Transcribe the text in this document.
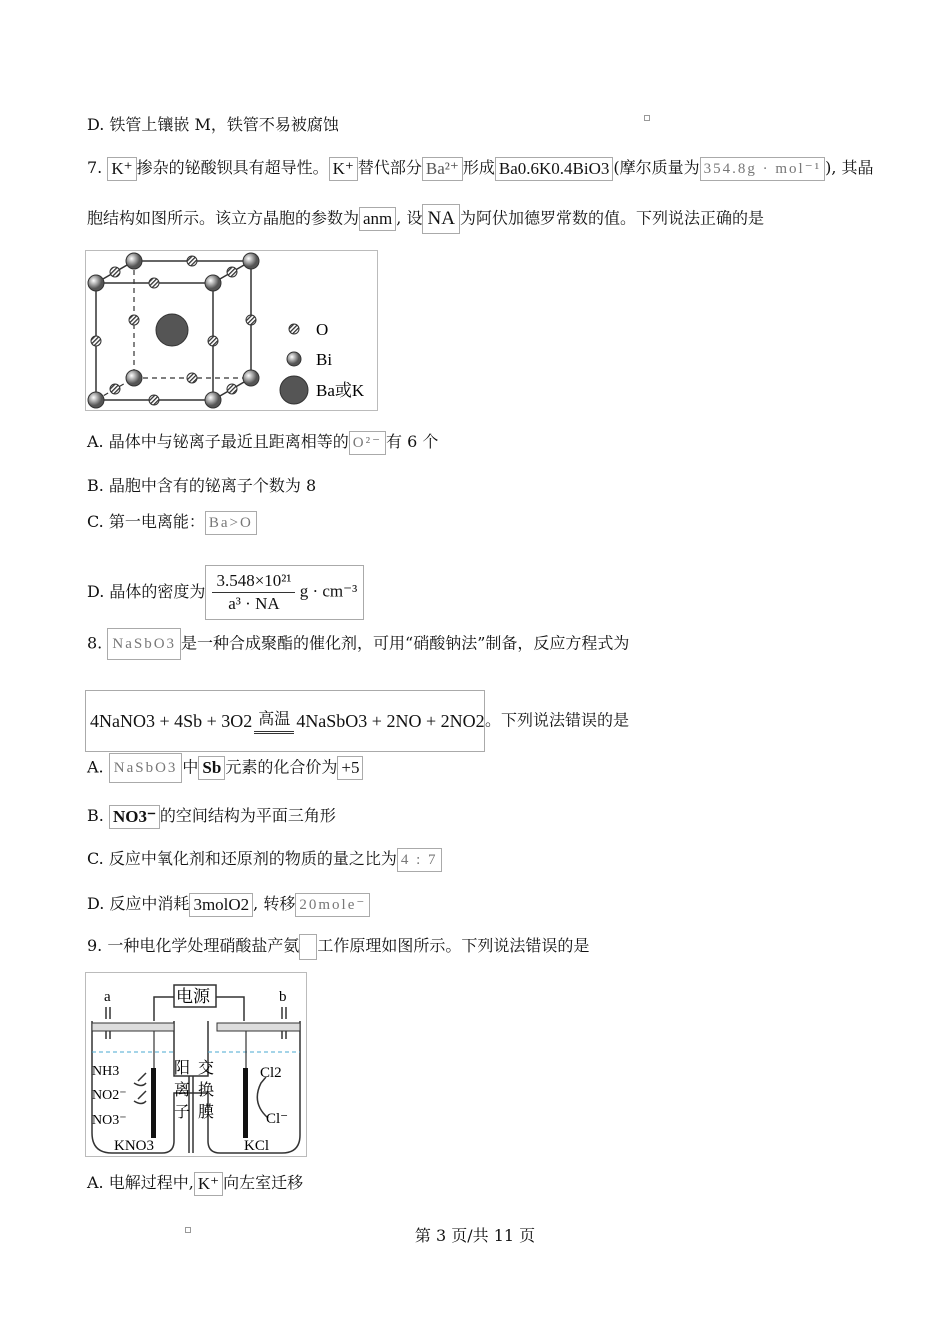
D. 铁管上镶嵌 M，铁管不易被腐蚀
7. K⁺ 掺杂的铋酸钡具有超导性。 K⁺ 替代部分 Ba²⁺ 形成 Ba0.6K0.4BiO3 (摩尔质量为 354.8g · mol⁻¹ ), 其晶
胞结构如图所示。该立方晶胞的参数为 anm , 设 NA 为阿伏加德罗常数的值。下列说法正确的是
O
Bi
Ba或K
A. 晶体中与铋离子最近且距离相等的 O²⁻ 有 6 个
B. 晶胞中含有的铋离子个数为 8
C. 第一电离能： Ba>O
D. 晶体的密度为 $\frac{\text{3.548×10²¹}}{\text{a³ · NA}}$ g · cm⁻³
8. NaSbO3 是一种合成聚酯的催化剂，可用“硝酸钠法”制备，反应方程式为
4NaNO3 + 4Sb + 3O2 高温 4NaSbO3 + 2NO + 2NO2 。下列说法错误的是
A. NaSbO3 中 Sb 元素的化合价为 +5
B. NO3⁻ 的空间结构为平面三角形
C. 反应中氧化剂和还原剂的物质的量之比为 4 : 7
D. 反应中消耗 3molO2 , 转移 20mole⁻
9. 一种电化学处理硝酸盐产氨 工作原理如图所示。下列说法错误的是
电源
a	b
阳
离
子
交
换
膜
NH3
NO2⁻
NO3⁻
KNO3
Cl2
Cl⁻
KCl
A. 电解过程中, K⁺ 向左室迁移
第 3 页/共 11 页
